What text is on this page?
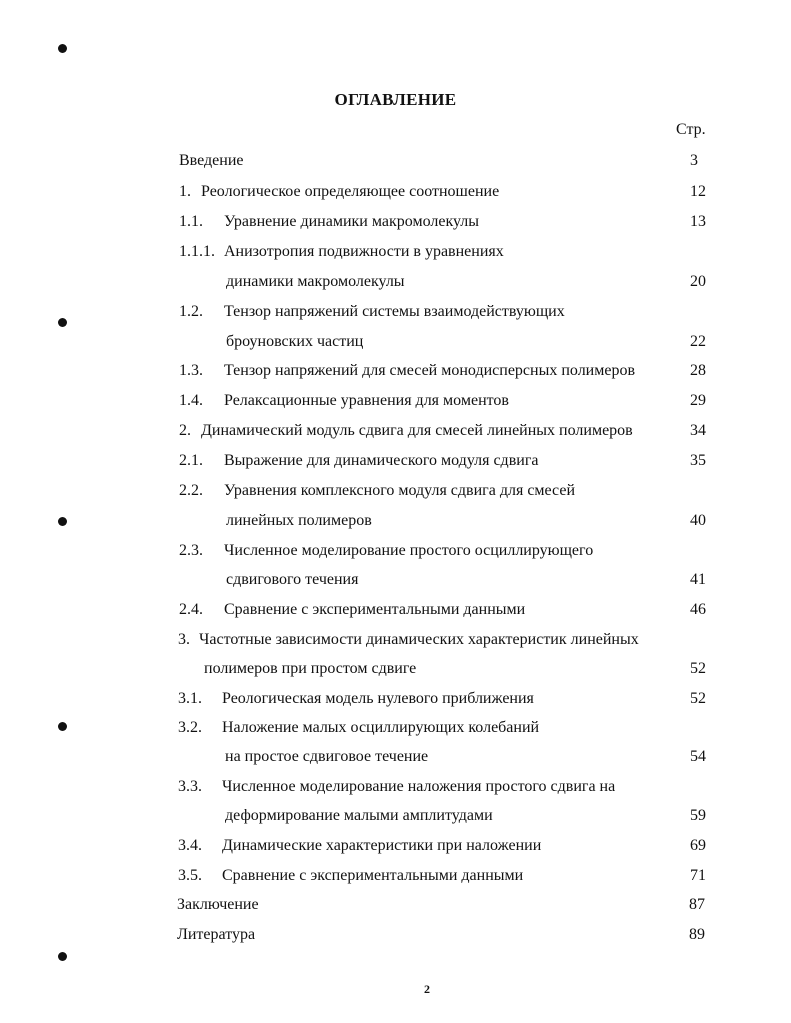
ОГЛАВЛЕНИЕ
Стр.
Введение	3
1. Реологическое определяющее соотношение	12
1.1. Уравнение динамики макромолекулы	13
1.1.1. Анизотропия подвижности в уравнениях
динамики макромолекулы	20
1.2. Тензор напряжений системы взаимодействующих
броуновских частиц	22
1.3. Тензор напряжений для смесей монодисперсных полимеров	28
1.4. Релаксационные уравнения для моментов	29
2. Динамический модуль сдвига для смесей линейных полимеров	34
2.1. Выражение для динамического модуля сдвига	35
2.2. Уравнения комплексного модуля сдвига для смесей
линейных полимеров	40
2.3. Численное моделирование простого осциллирующего
сдвигового течения	41
2.4. Сравнение с экспериментальными данными	46
3. Частотные зависимости динамических характеристик линейных
полимеров при простом сдвиге	52
3.1. Реологическая модель нулевого приближения	52
3.2. Наложение малых осциллирующих колебаний
на простое сдвиговое течение	54
3.3. Численное моделирование наложения простого сдвига на
деформирование малыми амплитудами	59
3.4. Динамические характеристики при наложении	69
3.5. Сравнение с экспериментальными данными	71
Заключение	87
Литература	89
2
